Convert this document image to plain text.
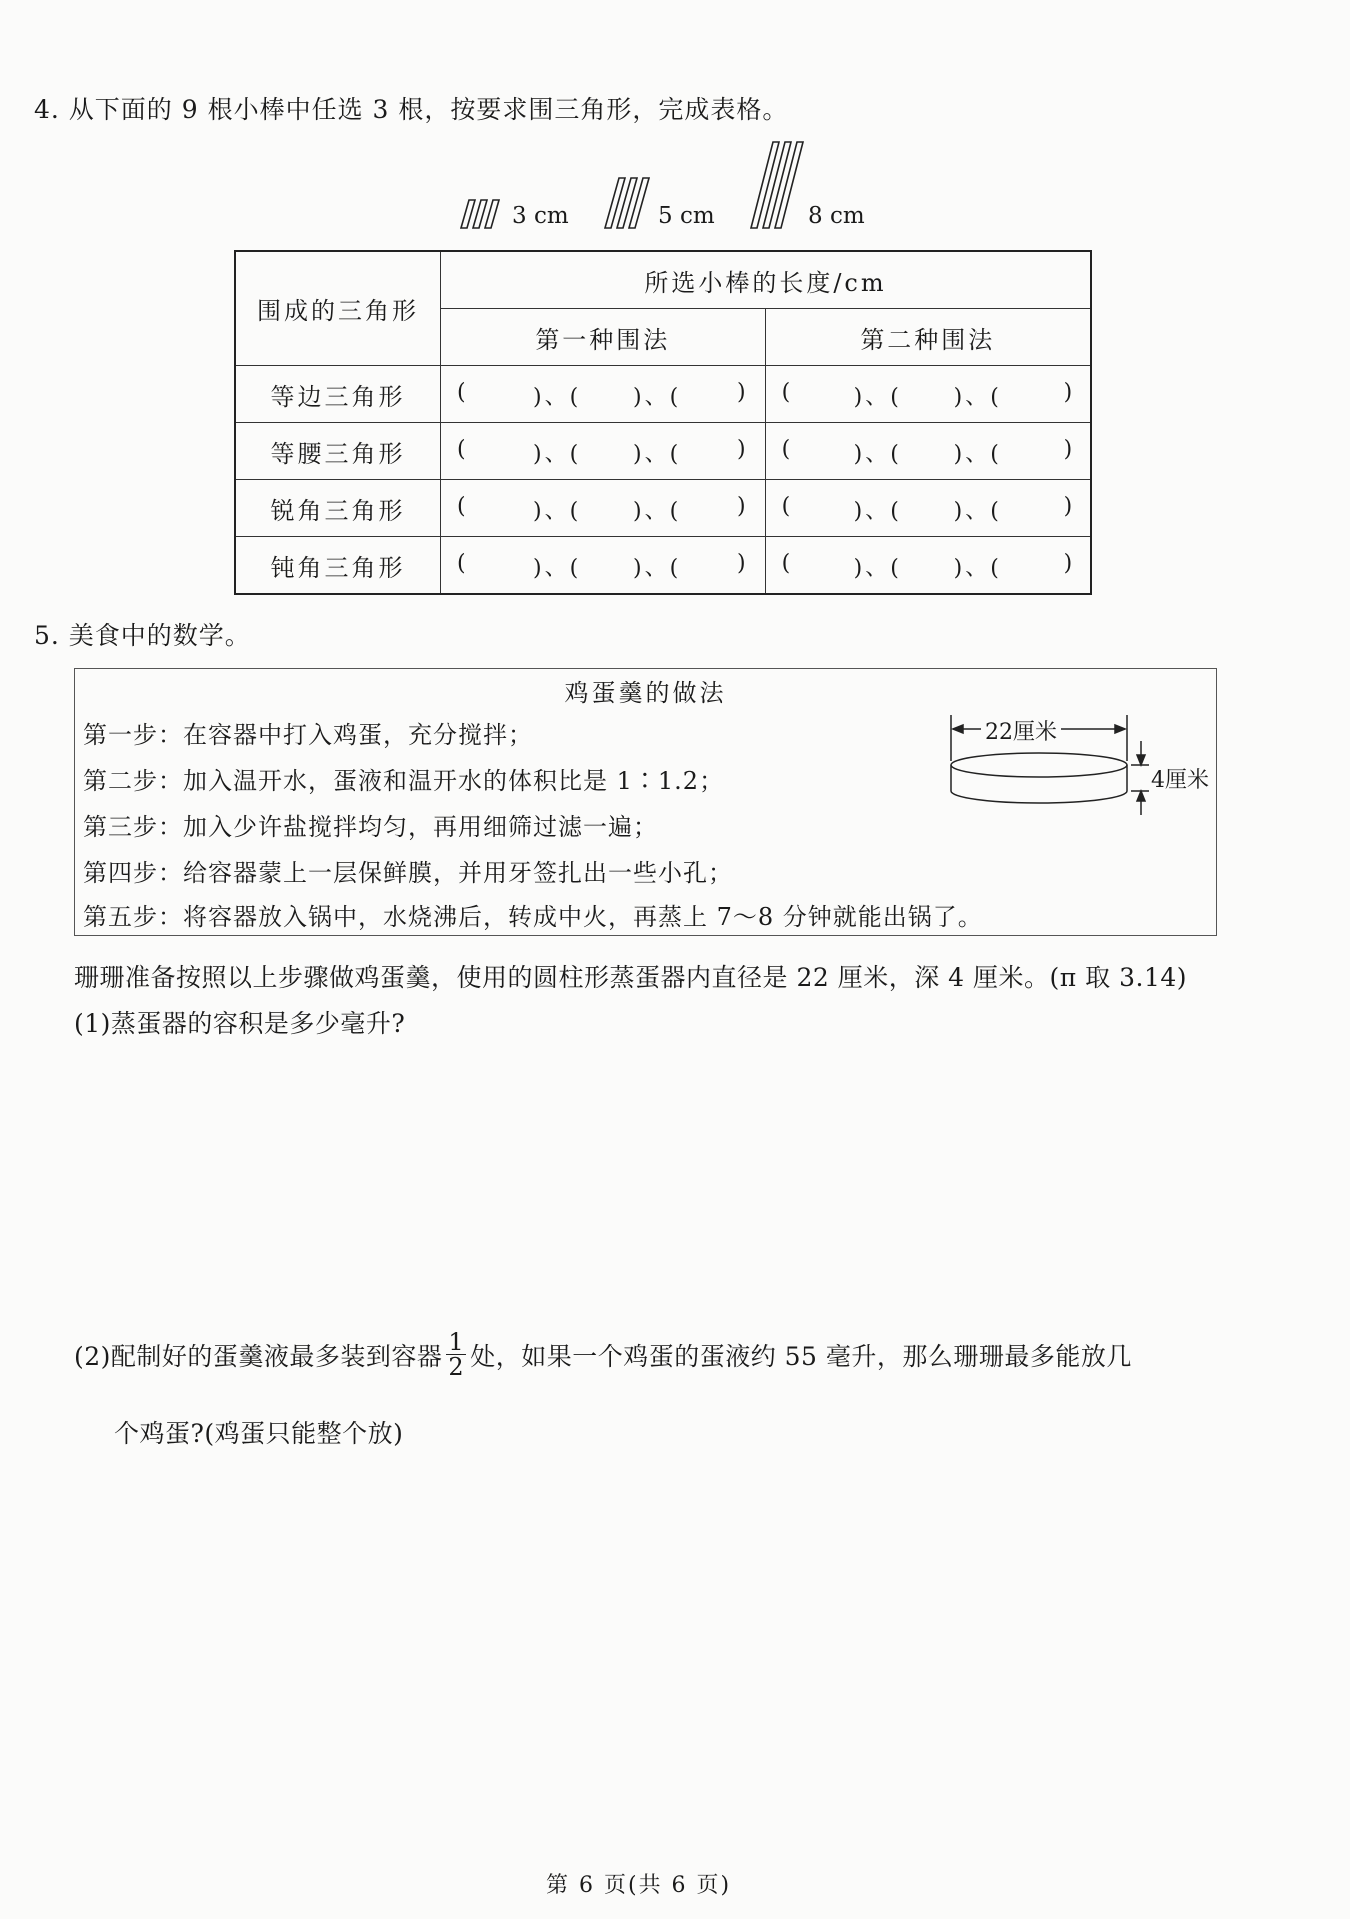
4. 从下面的 9 根小棒中任选 3 根，按要求围三角形，完成表格。
3 cm	5 cm	8 cm
围成的三角形	所选小棒的长度/cm	
	第一种围法	第二种围法
等边三角形	( )、( )、( )	( )、( )、( )

等腰三角形	( )、( )、( )	( )、( )、( )

锐角三角形	( )、( )、( )	( )、( )、( )

钝角三角形	( )、( )、( )	( )、( )、( )
5. 美食中的数学。
鸡蛋羹的做法
第一步：在容器中打入鸡蛋，充分搅拌；
第二步：加入温开水，蛋液和温开水的体积比是 1∶1.2；
第三步：加入少许盐搅拌均匀，再用细筛过滤一遍；
第四步：给容器蒙上一层保鲜膜，并用牙签扎出一些小孔；
第五步：将容器放入锅中，水烧沸后，转成中火，再蒸上 7～8 分钟就能出锅了。
22厘米
4厘米
珊珊准备按照以上步骤做鸡蛋羹，使用的圆柱形蒸蛋器内直径是 22 厘米，深 4 厘米。(π 取 3.14)
(1)蒸蛋器的容积是多少毫升?
(2)配制好的蛋羹液最多装到容器 $\frac{1}{2}$ 处，如果一个鸡蛋的蛋液约 55 毫升，那么珊珊最多能放几
个鸡蛋?(鸡蛋只能整个放)
第 6 页(共 6 页)
